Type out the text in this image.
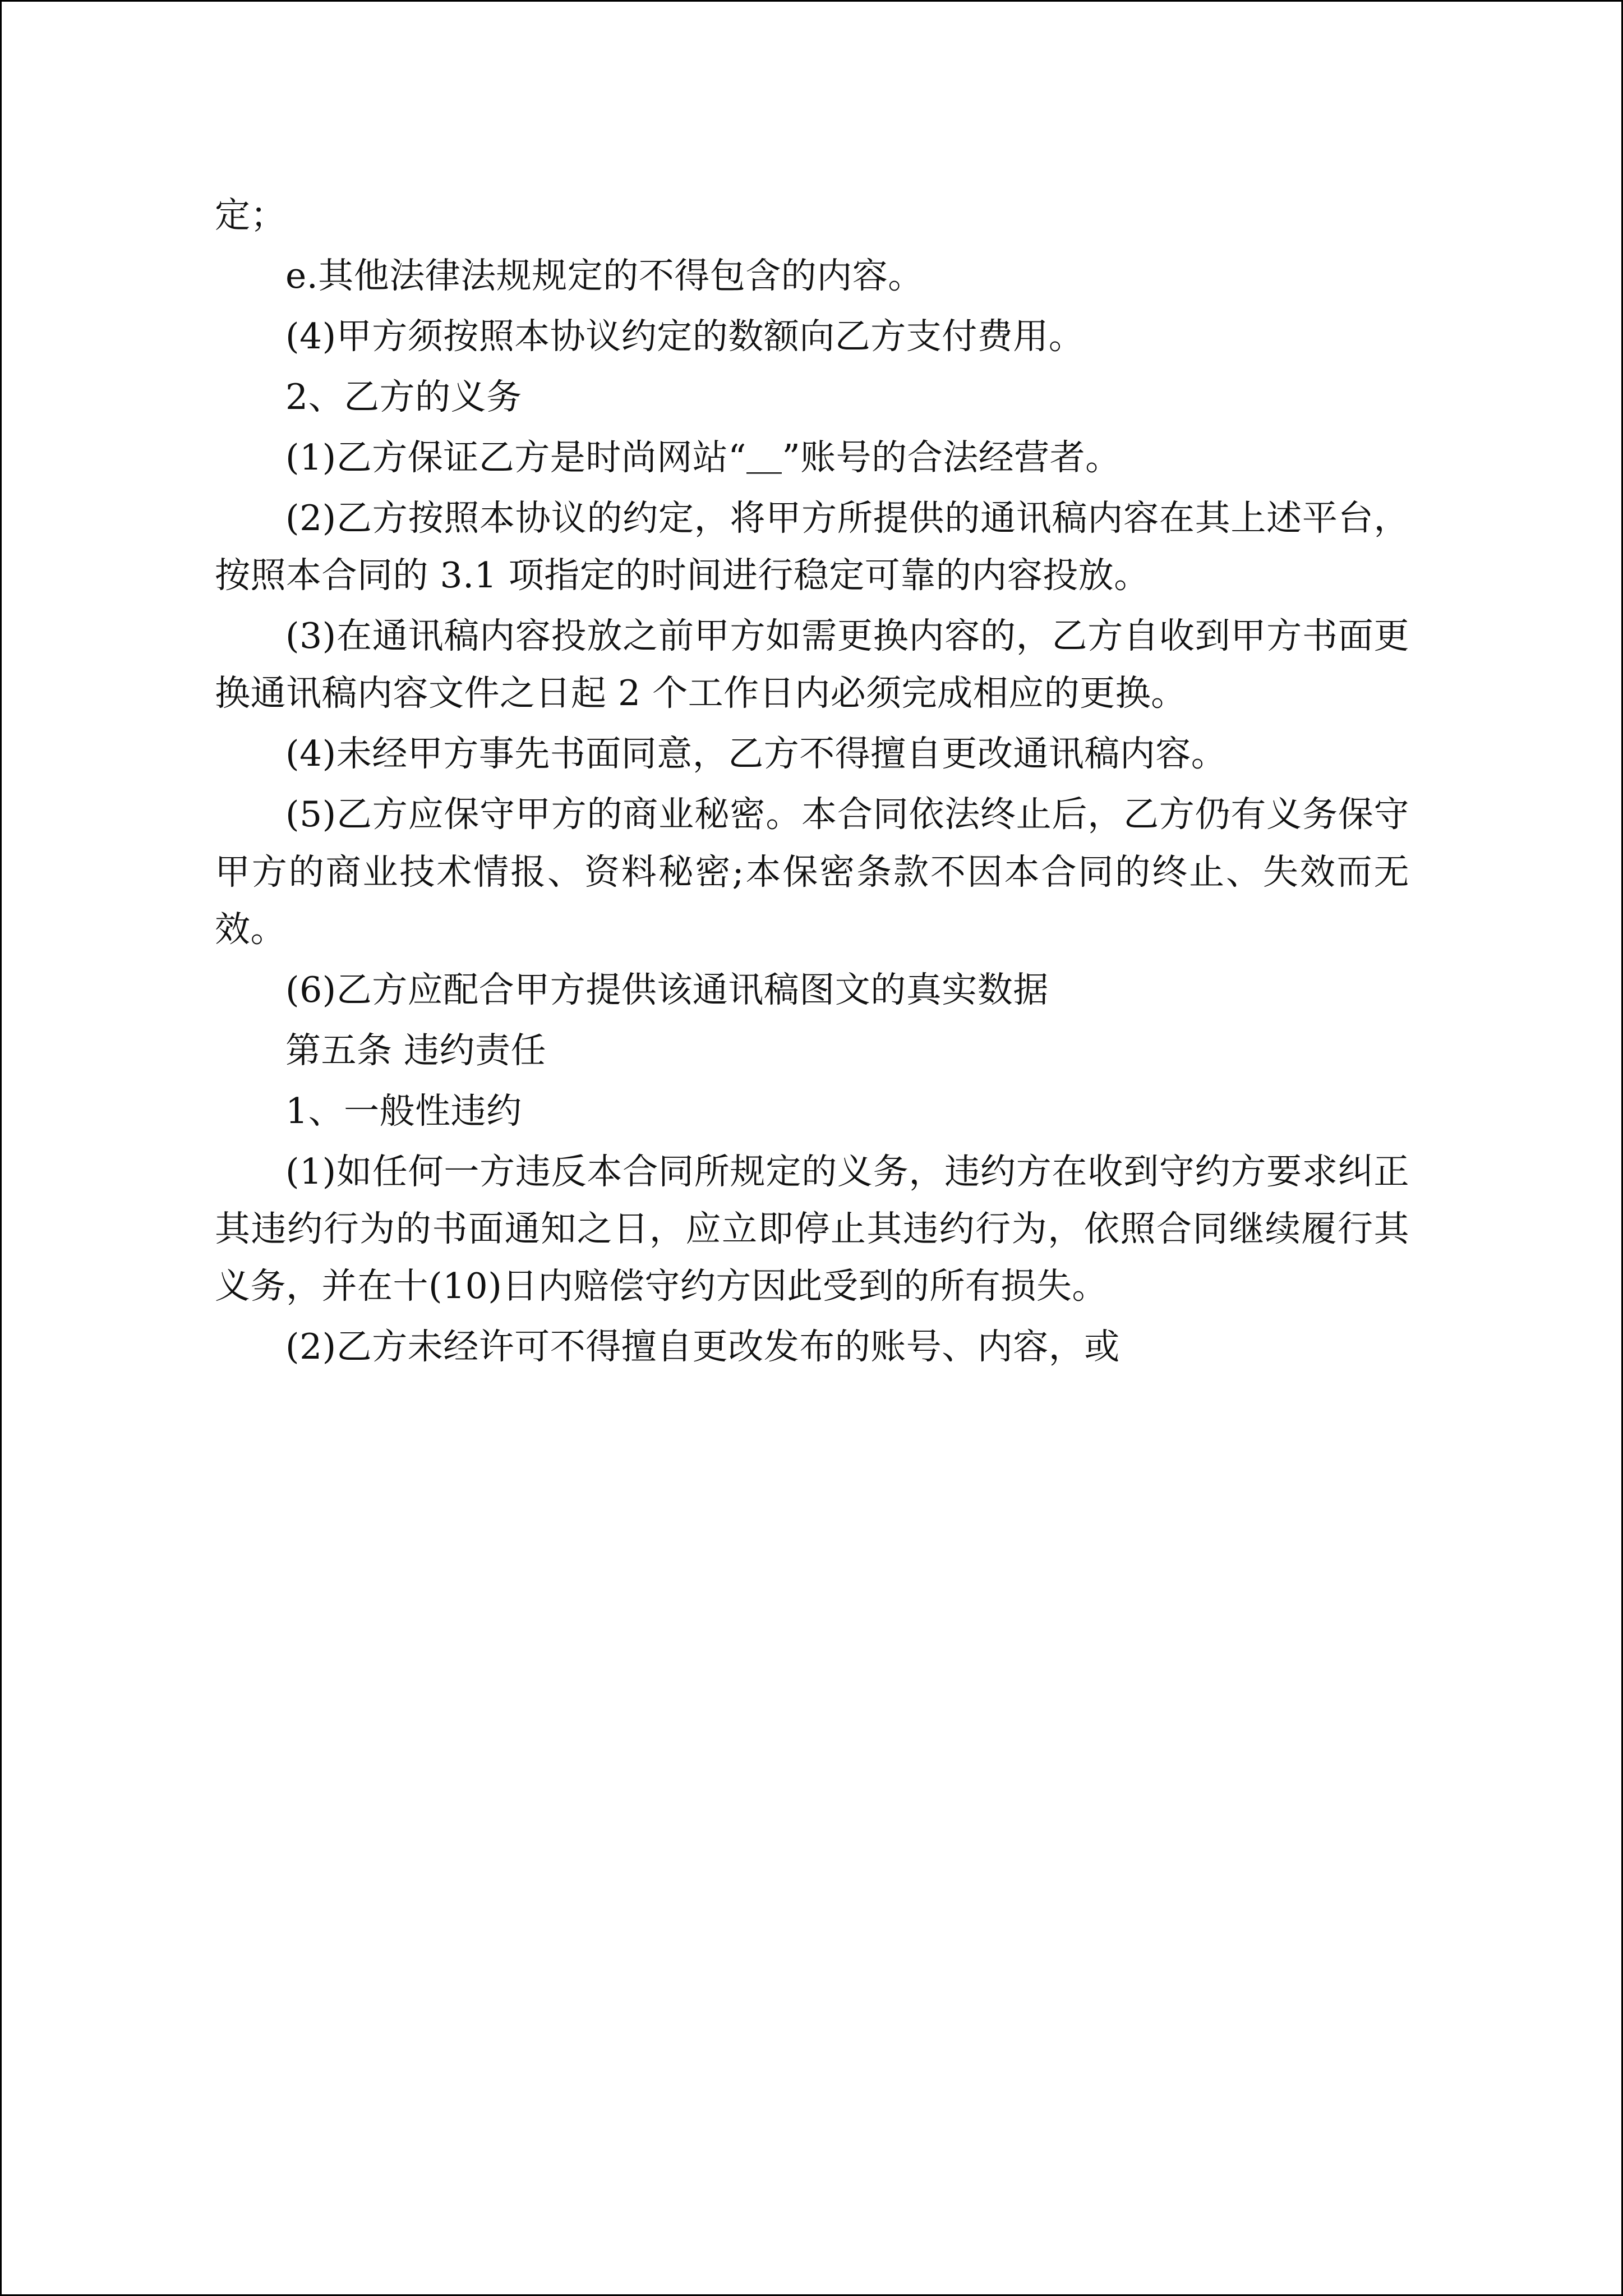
定；

e.其他法律法规规定的不得包含的内容。

(4)甲方须按照本协议约定的数额向乙方支付费用。

2、乙方的义务

(1)乙方保证乙方是时尚网站“＿”账号的合法经营者。

(2)乙方按照本协议的约定，将甲方所提供的通讯稿内容在其上述平台，按照本合同的 3.1 项指定的时间进行稳定可靠的内容投放。

(3)在通讯稿内容投放之前甲方如需更换内容的，乙方自收到甲方书面更换通讯稿内容文件之日起 2 个工作日内必须完成相应的更换。

(4)未经甲方事先书面同意，乙方不得擅自更改通讯稿内容。

(5)乙方应保守甲方的商业秘密。本合同依法终止后，乙方仍有义务保守甲方的商业技术情报、资料秘密;本保密条款不因本合同的终止、失效而无效。

(6)乙方应配合甲方提供该通讯稿图文的真实数据

第五条 违约责任

1、一般性违约

(1)如任何一方违反本合同所规定的义务，违约方在收到守约方要求纠正其违约行为的书面通知之日，应立即停止其违约行为，依照合同继续履行其义务，并在十(10)日内赔偿守约方因此受到的所有损失。

(2)乙方未经许可不得擅自更改发布的账号、内容，或
